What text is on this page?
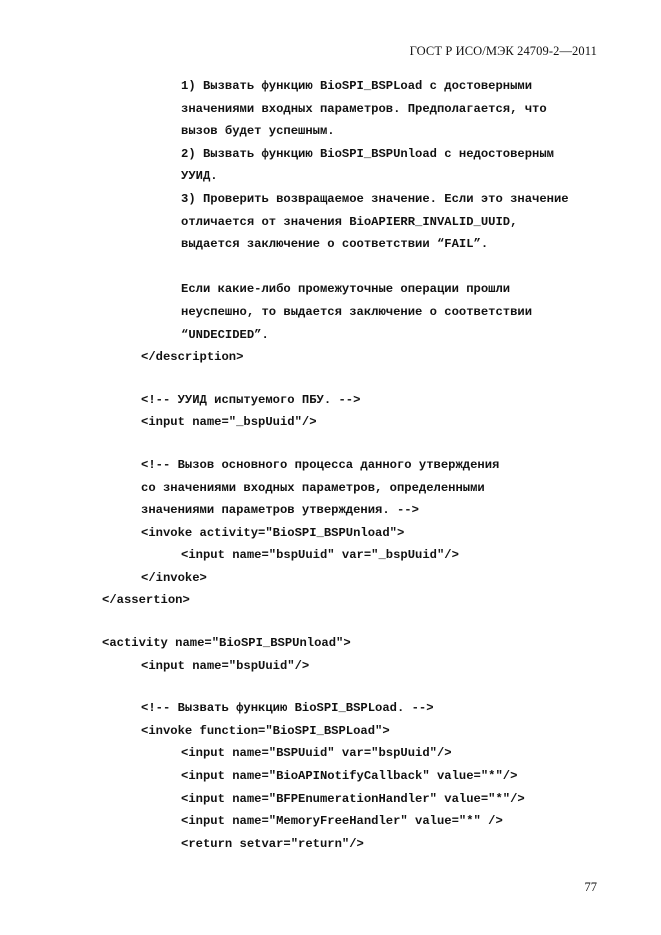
ГОСТ Р ИСО/МЭК 24709-2—2011
1) Вызвать функцию BioSPI_BSPLoad с достоверными
значениями входных параметров. Предполагается, что
вызов будет успешным.
2) Вызвать функцию BioSPI_BSPUnload с недостоверным
УУИД.
3) Проверить возвращаемое значение. Если это значение
отличается от значения BioAPIERR_INVALID_UUID,
выдается заключение о соответствии “FAIL”.
Если какие-либо промежуточные операции прошли
неуспешно, то выдается заключение о соответствии
“UNDECIDED”.
</description>
<!-- УУИД испытуемого ПБУ. -->
<input name="_bspUuid"/>
<!-- Вызов основного процесса данного утверждения
со значениями входных параметров, определенными
значениями параметров утверждения. -->
<invoke activity="BioSPI_BSPUnload">
<input name="bspUuid" var="_bspUuid"/>
</invoke>
</assertion>
<activity name="BioSPI_BSPUnload">
<input name="bspUuid"/>
<!-- Вызвать функцию BioSPI_BSPLoad. -->
<invoke function="BioSPI_BSPLoad">
<input name="BSPUuid" var="bspUuid"/>
<input name="BioAPINotifyCallback" value="*"/>
<input name="BFPEnumerationHandler" value="*"/>
<input name="MemoryFreeHandler" value="*" />
<return setvar="return"/>
77
